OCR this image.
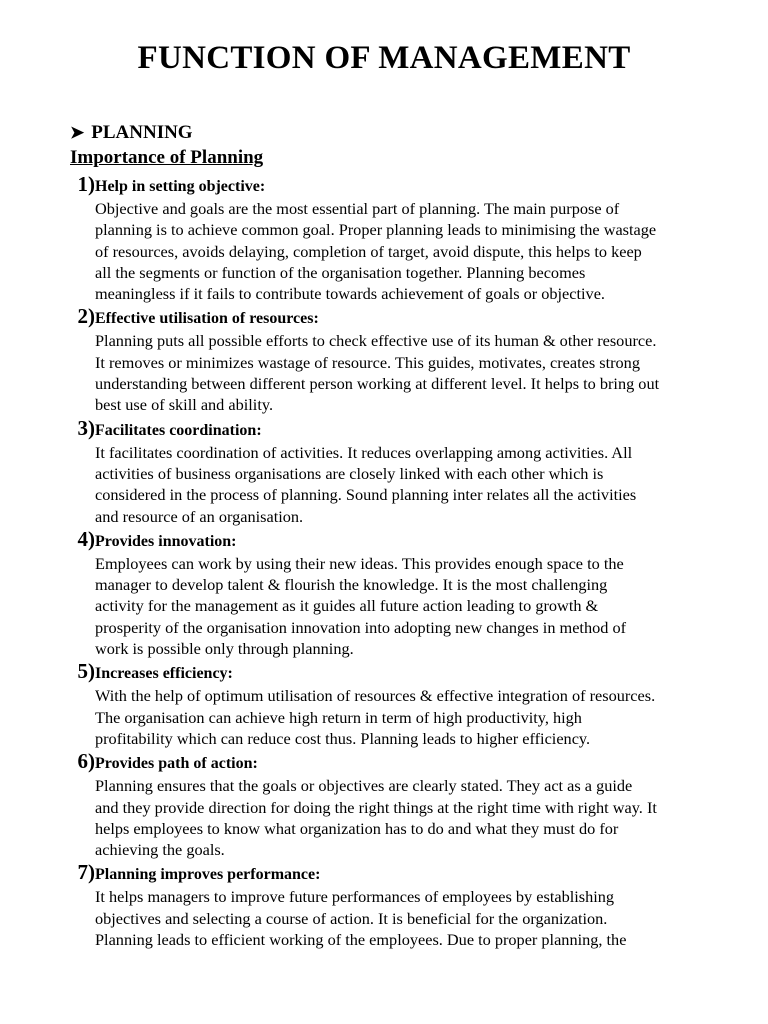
FUNCTION OF MANAGEMENT
➤ PLANNING
Importance of Planning
1) Help in setting objective:
Objective and goals are the most essential part of planning. The main purpose of
planning is to achieve common goal. Proper planning leads to minimising the wastage
of resources, avoids delaying, completion of target, avoid dispute, this helps to keep
all the segments or function of the organisation together. Planning becomes
meaningless if it fails to contribute towards achievement of goals or objective.
2) Effective utilisation of resources:
Planning puts all possible efforts to check effective use of its human & other resource.
It removes or minimizes wastage of resource. This guides, motivates, creates strong
understanding between different person working at different level. It helps to bring out
best use of skill and ability.
3) Facilitates coordination:
It facilitates coordination of activities. It reduces overlapping among activities. All
activities of business organisations are closely linked with each other which is
considered in the process of planning. Sound planning inter relates all the activities
and resource of an organisation.
4) Provides innovation:
Employees can work by using their new ideas. This provides enough space to the
manager to develop talent & flourish the knowledge. It is the most challenging
activity for the management as it guides all future action leading to growth &
prosperity of the organisation innovation into adopting new changes in method of
work is possible only through planning.
5) Increases efficiency:
With the help of optimum utilisation of resources & effective integration of resources.
The organisation can achieve high return in term of high productivity, high
profitability which can reduce cost thus. Planning leads to higher efficiency.
6) Provides path of action:
Planning ensures that the goals or objectives are clearly stated. They act as a guide
and they provide direction for doing the right things at the right time with right way. It
helps employees to know what organization has to do and what they must do for
achieving the goals.
7) Planning improves performance:
It helps managers to improve future performances of employees by establishing
objectives and selecting a course of action. It is beneficial for the organization.
Planning leads to efficient working of the employees. Due to proper planning, the
